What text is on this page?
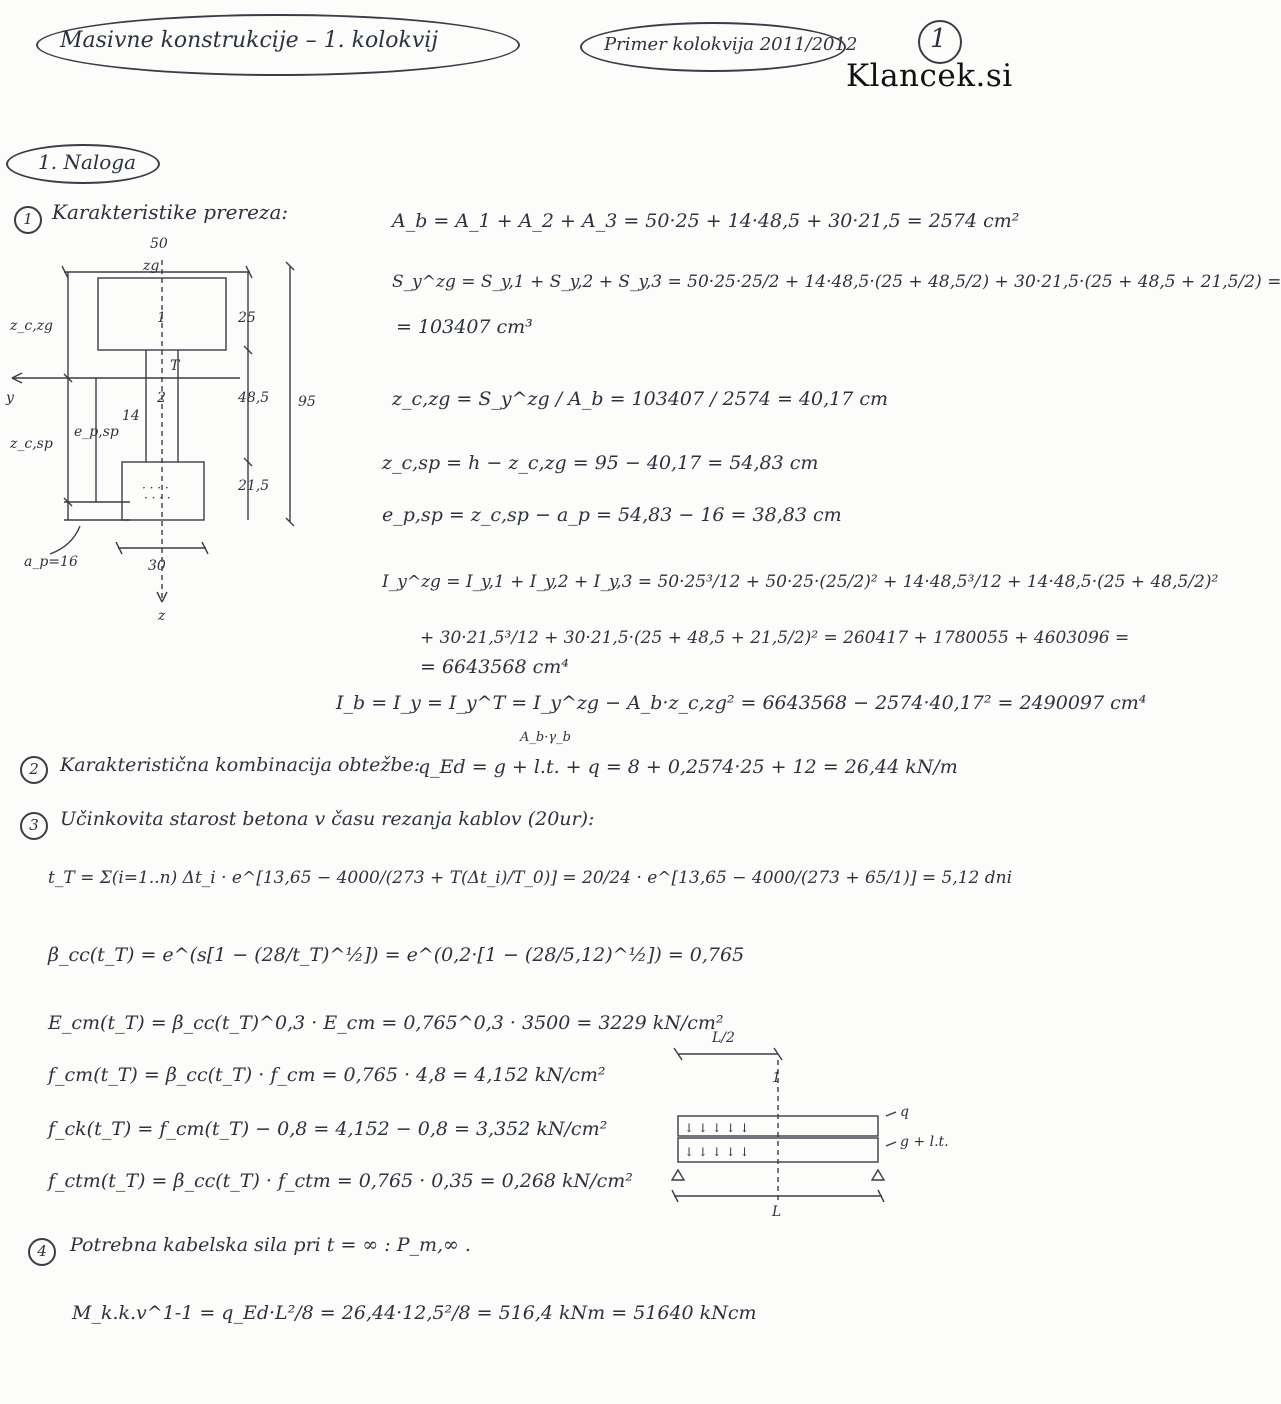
Masivne konstrukcije – 1. kolokvij	Primer kolokvija 2011/2012	1
Klancek.si
1. Naloga
1 Karakteristike prereza:
50
zg
1
2
T
14
· · · ·
· · · ·
y
z
z_c,zg
z_c,sp
e_p,sp
a_p=16
25
48,5
21,5
95
30
A_b = A_1 + A_2 + A_3 = 50·25 + 14·48,5 + 30·21,5 = 2574 cm²
S_y^zg = S_y,1 + S_y,2 + S_y,3 = 50·25·25/2 + 14·48,5·(25 + 48,5/2) + 30·21,5·(25 + 48,5 + 21,5/2) =
= 103407 cm³
z_c,zg = S_y^zg / A_b = 103407 / 2574 = 40,17 cm
z_c,sp = h − z_c,zg = 95 − 40,17 = 54,83 cm
e_p,sp = z_c,sp − a_p = 54,83 − 16 = 38,83 cm
I_y^zg = I_y,1 + I_y,2 + I_y,3 = 50·25³/12 + 50·25·(25/2)² + 14·48,5³/12 + 14·48,5·(25 + 48,5/2)²
+ 30·21,5³/12 + 30·21,5·(25 + 48,5 + 21,5/2)² = 260417 + 1780055 + 4603096 =
= 6643568 cm⁴
I_b = I_y = I_y^T = I_y^zg − A_b·z_c,zg² = 6643568 − 2574·40,17² = 2490097 cm⁴
2	Karakteristična kombinacija obtežbe:
A_b·γ_b
q_Ed = g + l.t. + q = 8 + 0,2574·25 + 12 = 26,44 kN/m
3	Učinkovita starost betona v času rezanja kablov (20ur):
t_T = Σ(i=1..n) Δt_i · e^[13,65 − 4000/(273 + T(Δt_i)/T_0)] = 20/24 · e^[13,65 − 4000/(273 + 65/1)] = 5,12 dni
β_cc(t_T) = e^(s[1 − (28/t_T)^½]) = e^(0,2·[1 − (28/5,12)^½]) = 0,765
E_cm(t_T) = β_cc(t_T)^0,3 · E_cm = 0,765^0,3 · 3500 = 3229 kN/cm²
f_cm(t_T) = β_cc(t_T) · f_cm = 0,765 · 4,8 = 4,152 kN/cm²
f_ck(t_T) = f_cm(t_T) − 0,8 = 4,152 − 0,8 = 3,352 kN/cm²
f_ctm(t_T) = β_cc(t_T) · f_ctm = 0,765 · 0,35 = 0,268 kN/cm²
L/2
1
↓ ↓ ↓ ↓ ↓
↓ ↓ ↓ ↓ ↓
q
g + l.t.
L
4	Potrebna kabelska sila pri t = ∞ : P_m,∞ .
M_k.k.v^1-1 = q_Ed·L²/8 = 26,44·12,5²/8 = 516,4 kNm = 51640 kNcm
